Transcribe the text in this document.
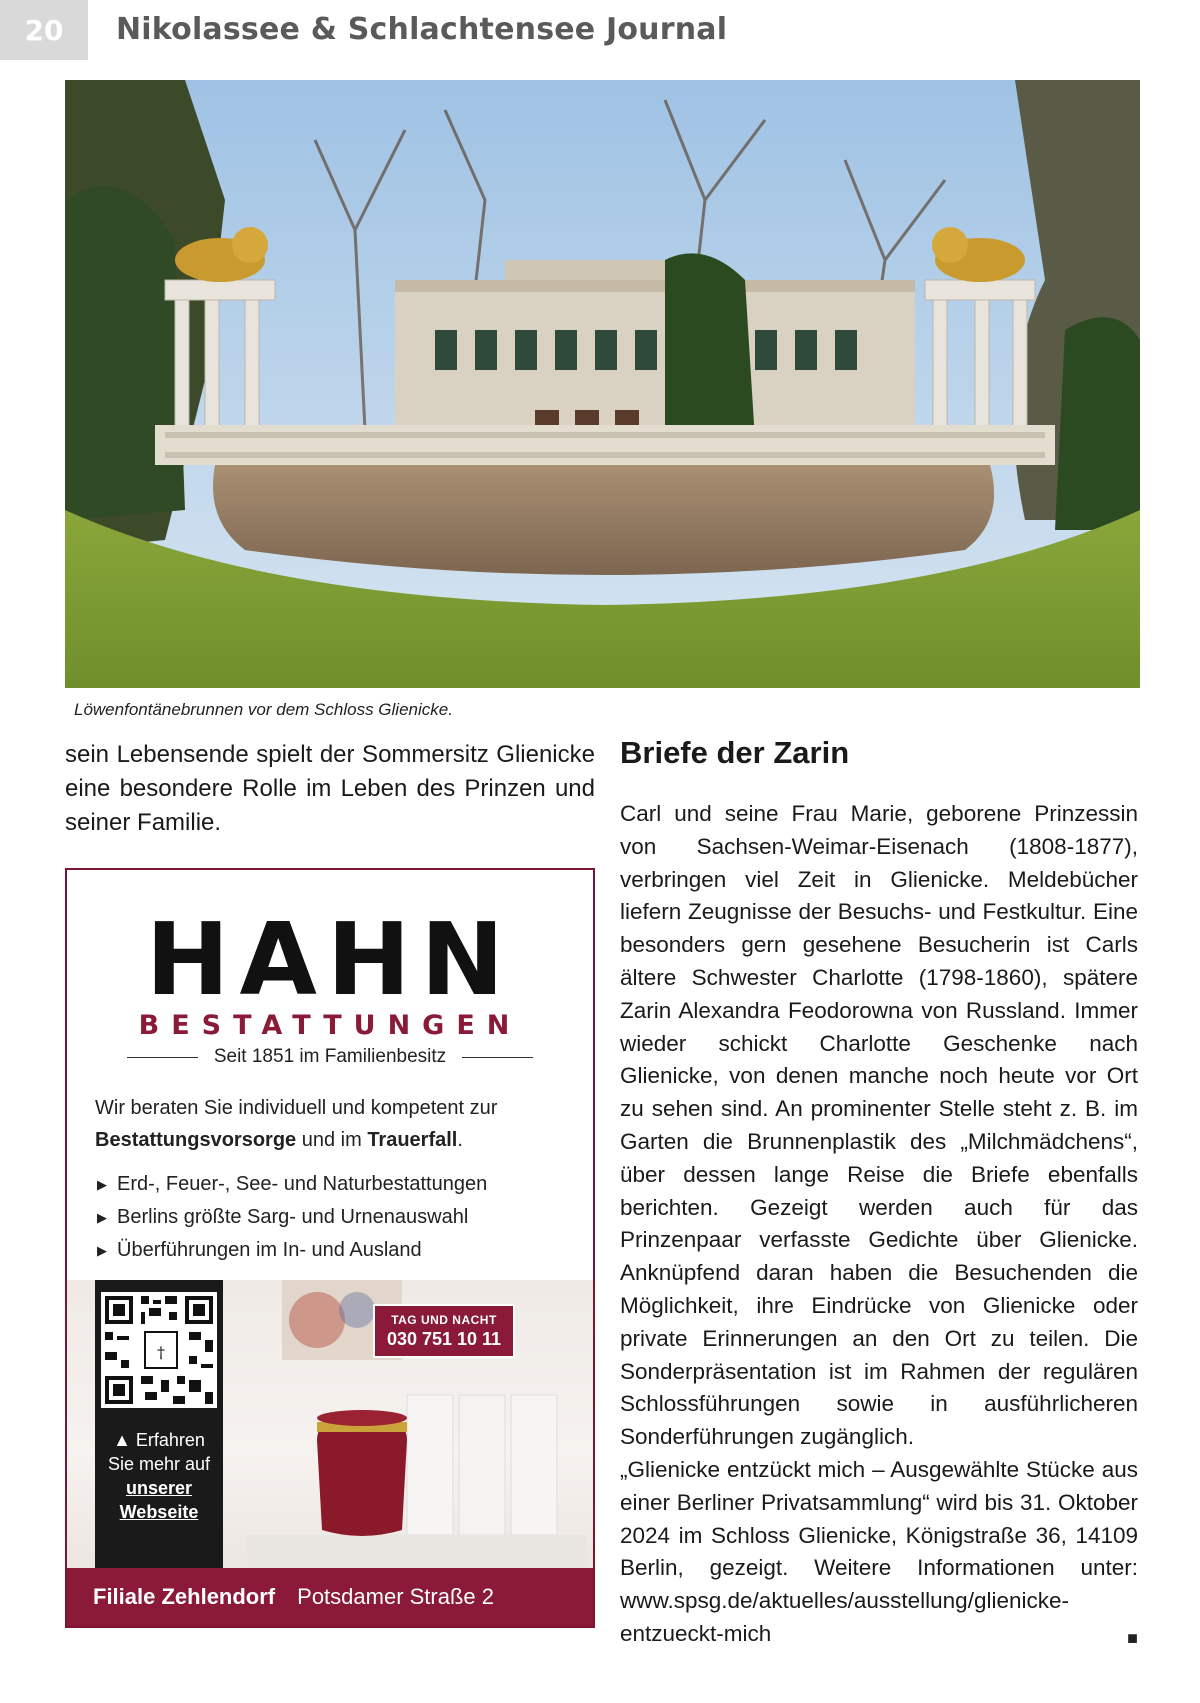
20	Nikolassee & Schlachtensee Journal
Löwenfontänebrunnen vor dem Schloss Glienicke.
sein Lebensende spielt der Sommersitz Glienicke eine besondere Rolle im Leben des Prinzen und seiner Familie.
HAHN
BESTATTUNGEN
Seit 1851 im Familienbesitz
Wir beraten Sie individuell und kompetent zur Bestattungsvorsorge und im Trauerfall.
▶ Erd-, Feuer-, See- und Naturbestattungen
▶ Berlins größte Sarg- und Urnenauswahl
▶ Überführungen im In- und Ausland
†
▲ Erfahren
Sie mehr auf
unserer
Webseite
TAG UND NACHT
030 751 10 11
Filiale Zehlendorf Potsdamer Straße 2
Briefe der Zarin

Carl und seine Frau Marie, geborene Prinzessin von Sachsen-Weimar-Eisenach (1808-1877), verbringen viel Zeit in Glienicke. Meldebücher liefern Zeugnisse der Besuchs- und Festkultur. Eine besonders gern gesehene Besucherin ist Carls ältere Schwester Charlotte (1798-1860), spätere Zarin Alexandra Feodorowna von Russland. Immer wieder schickt Charlotte Geschenke nach Glienicke, von denen manche noch heute vor Ort zu sehen sind. An prominenter Stelle steht z. B. im Garten die Brunnenplastik des „Milchmädchens“, über dessen lange Reise die Briefe ebenfalls berichten. Gezeigt werden auch für das Prinzenpaar verfasste Gedichte über Glienicke. Anknüpfend daran haben die Besuchenden die Möglichkeit, ihre Eindrücke von Glienicke oder private Erinnerungen an den Ort zu teilen. Die Sonderpräsentation ist im Rahmen der regulären Schlossführungen sowie in ausführlicheren Sonderführungen zugänglich.

„Glienicke entzückt mich – Ausgewählte Stücke aus einer Berliner Privatsammlung“ wird bis 31. Oktober 2024 im Schloss Glienicke, Königstraße 36, 14109 Berlin, gezeigt. Weitere Informationen unter: www.spsg.de/aktuelles/ausstellung/glienicke-entzueckt-mich	■
